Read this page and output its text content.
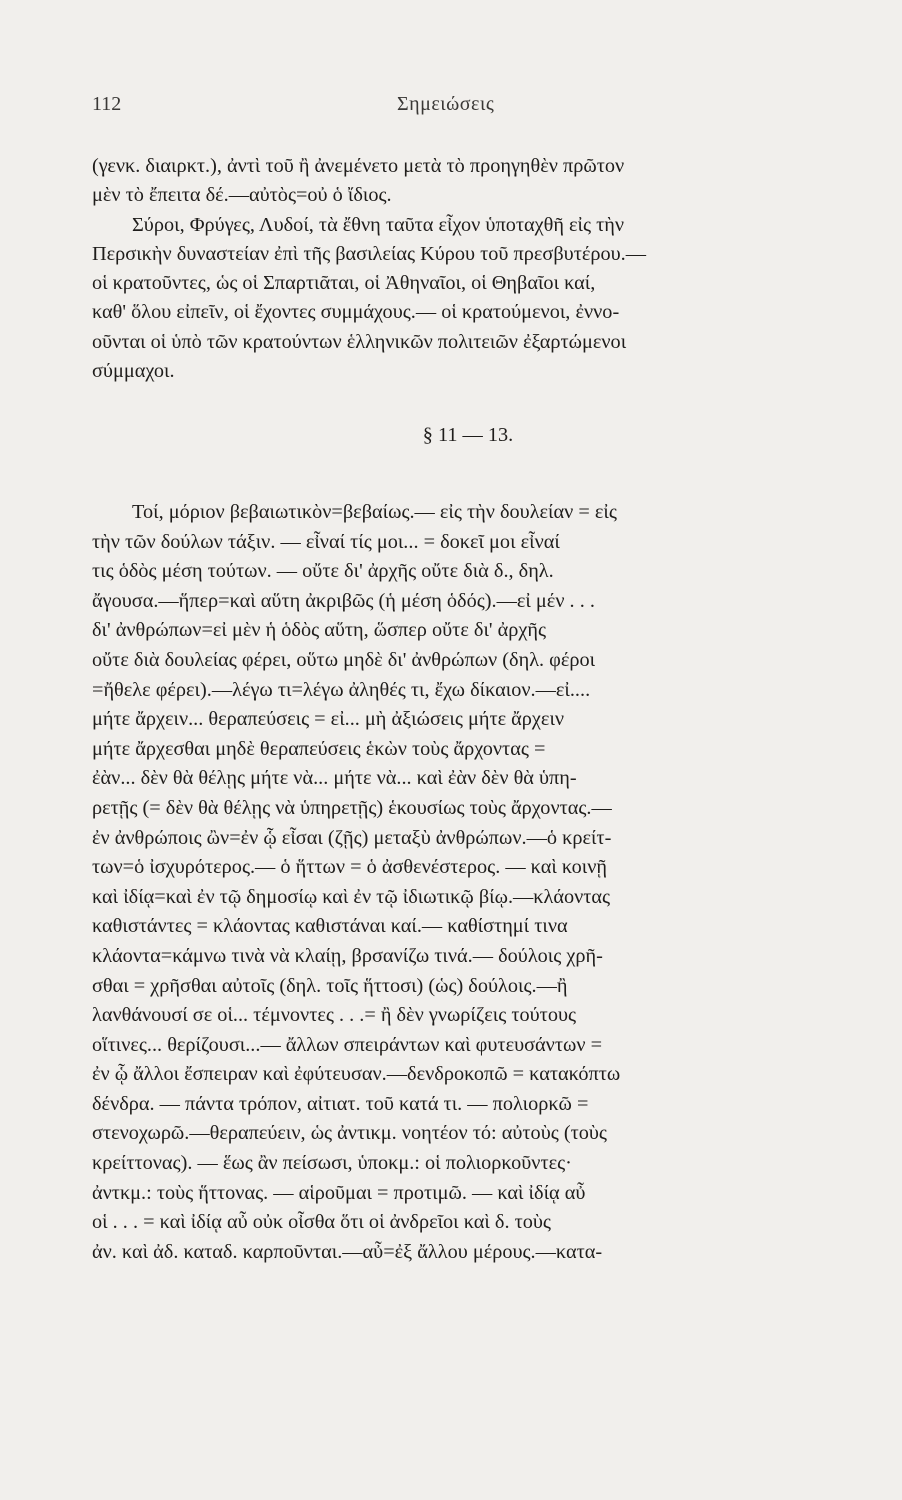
112	Σημειώσεις
(γενκ. διαιρκτ.), ἀντὶ τοῦ ἢ ἀνεμένετο μετὰ τὸ προηγηθὲν πρῶτον
μὲν τὸ ἔπειτα δέ.—αὐτὸς=οὐ ὁ ἴδιος.
Σύροι, Φρύγες, Λυδοί, τὰ ἔθνη ταῦτα εἶχον ὑποταχθῆ εἰς τὴν
Περσικὴν δυναστείαν ἐπὶ τῆς βασιλείας Κύρου τοῦ πρεσβυτέρου.—
οἱ κρατοῦντες, ὡς οἱ Σπαρτιᾶται, οἱ Ἀθηναῖοι, οἱ Θηβαῖοι καί,
καθ' ὅλου εἰπεῖν, οἱ ἔχοντες συμμάχους.— οἱ κρατούμενοι, ἐννο-
οῦνται οἱ ὑπὸ τῶν κρατούντων ἑλληνικῶν πολιτειῶν ἐξαρτώμενοι
σύμμαχοι.
§ 11 — 13.
Τοί, μόριον βεβαιωτικὸν=βεβαίως.— εἰς τὴν δουλείαν = εἰς
τὴν τῶν δούλων τάξιν. — εἶναί τίς μοι... = δοκεῖ μοι εἶναί
τις ὁδὸς μέση τούτων. — οὔτε δι' ἀρχῆς οὔτε διὰ δ., δηλ.
ἄγουσα.—ἥπερ=καὶ αὕτη ἀκριβῶς (ἡ μέση ὁδός).—εἰ μέν . . .
δι' ἀνθρώπων=εἰ μὲν ἡ ὁδὸς αὕτη, ὥσπερ οὔτε δι' ἀρχῆς
οὔτε διὰ δουλείας φέρει, οὕτω μηδὲ δι' ἀνθρώπων (δηλ. φέροι
=ἤθελε φέρει).—λέγω τι=λέγω ἀληθές τι, ἔχω δίκαιον.—εἰ....
μήτε ἄρχειν... θεραπεύσεις = εἰ... μὴ ἀξιώσεις μήτε ἄρχειν
μήτε ἄρχεσθαι μηδὲ θεραπεύσεις ἑκὼν τοὺς ἄρχοντας =
ἐὰν... δὲν θὰ θέλῃς μήτε νὰ... μήτε νὰ... καὶ ἐὰν δὲν θὰ ὑπη-
ρετῇς (= δὲν θὰ θέλῃς νὰ ὑπηρετῇς) ἑκουσίως τοὺς ἄρχοντας.—
ἐν ἀνθρώποις ὢν=ἐν ᾧ εἶσαι (ζῇς) μεταξὺ ἀνθρώπων.—ὁ κρείτ-
των=ὁ ἰσχυρότερος.— ὁ ἥττων = ὁ ἀσθενέστερος. — καὶ κοινῇ
καὶ ἰδίᾳ=καὶ ἐν τῷ δημοσίῳ καὶ ἐν τῷ ἰδιωτικῷ βίῳ.—κλάοντας
καθιστάντες = κλάοντας καθιστάναι καί.— καθίστημί τινα
κλάοντα=κάμνω τινὰ νὰ κλαίῃ, βρσανίζω τινά.— δούλοις χρῆ-
σθαι = χρῆσθαι αὐτοῖς (δηλ. τοῖς ἥττοσι) (ὡς) δούλοις.—ἢ
λανθάνουσί σε οἱ... τέμνοντες . . .= ἢ δὲν γνωρίζεις τούτους
οἵτινες... θερίζουσι...— ἄλλων σπειράντων καὶ φυτευσάντων =
ἐν ᾧ ἄλλοι ἔσπειραν καὶ ἐφύτευσαν.—δενδροκοπῶ = κατακόπτω
δένδρα. — πάντα τρόπον, αἰτιατ. τοῦ κατά τι. — πολιορκῶ =
στενοχωρῶ.—θεραπεύειν, ὡς ἀντικμ. νοητέον τό: αὐτοὺς (τοὺς
κρείττονας). — ἕως ἂν πείσωσι, ὑποκμ.: οἱ πολιορκοῦντες·
ἀντκμ.: τοὺς ἥττονας. — αἱροῦμαι = προτιμῶ. — καὶ ἰδίᾳ αὖ
οἱ . . . = καὶ ἰδίᾳ αὖ οὐκ οἶσθα ὅτι οἱ ἀνδρεῖοι καὶ δ. τοὺς
ἀν. καὶ ἀδ. καταδ. καρποῦνται.—αὖ=ἐξ ἄλλου μέρους.—κατα-
